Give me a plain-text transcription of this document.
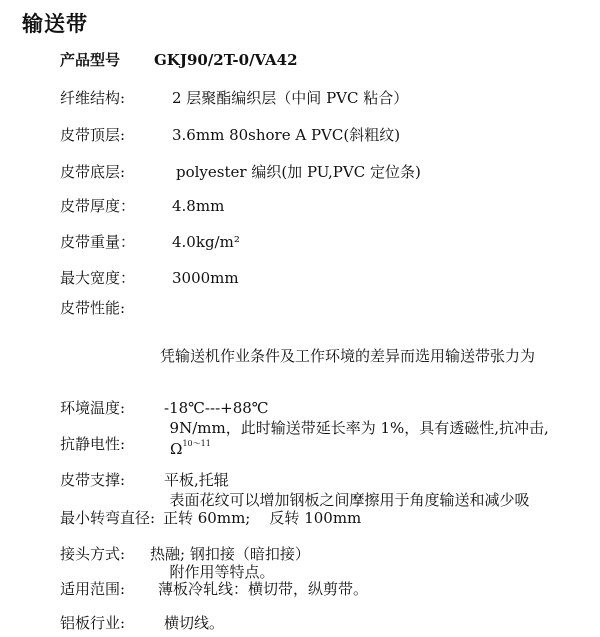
输送带
产品型号 GKJ90/2T-0/VA42
纤维结构:	2 层聚酯编织层（中间 PVC 粘合）
皮带顶层:	3.6mm 80shore A PVC(斜粗纹)
皮带底层:	polyester 编织(加 PU,PVC 定位条)
皮带厚度： 4.8mm
皮带重量： 4.0kg/m²
最大宽度： 3000mm
皮带性能:

凭输送机作业条件及工作环境的差异而选用输送带张力为

9N/mm，此时输送带延长率为 1%，具有透磁性,抗冲击,

表面花纹可以增加钢板之间摩擦用于角度输送和减少吸

附作用等特点。

环境温度:	-18℃---+88℃
抗静电性:	$\Omega^{10\sim 11}$
皮带支撑:	平板,托辊
最小转弯直径: 正转 60mm;    反转 100mm
接头方式: 热融; 钢扣接（暗扣接）
适用范围: 薄板冷轧线：横切带，纵剪带。
铝板行业:	横切线。
